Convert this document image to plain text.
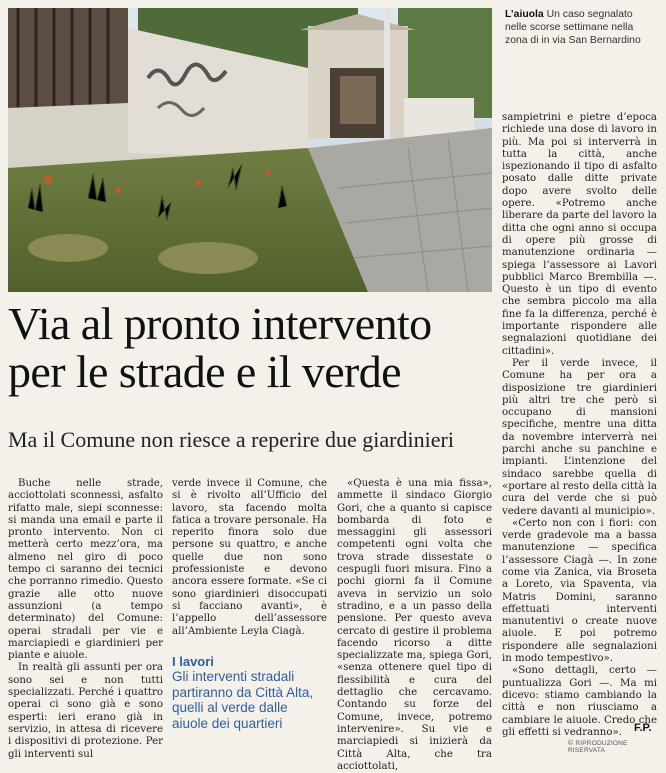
L’aiuola Un caso segnalato nelle scorse settimane nella zona di in via San Bernardino
Via al pronto intervento per le strade e il verde
Ma il Comune non riesce a reperire due giardinieri

Buche nelle strade, acciottolati sconnessi, asfalto rifatto male, siepi sconnesse: si manda una email e parte il pronto intervento. Non ci metterà certo mezz’ora, ma almeno nel giro di poco tempo ci saranno dei tecnici che porranno rimedio. Questo grazie alle otto nuove assunzioni (a tempo determinato) del Comune: operai stradali per vie e marciapiedi e giardinieri per piante e aiuole.

In realtà gli assunti per ora sono sei e non tutti specializzati. Perché i quattro operai ci sono già e sono esperti: ieri erano già in servizio, in attesa di ricevere i dispositivi di protezione. Per gli interventi sul

verde invece il Comune, che si è rivolto all’Ufficio del lavoro, sta facendo molta fatica a trovare personale. Ha reperito finora solo due persone su quattro, e anche quelle due non sono professioniste e devono ancora essere formate. «Se ci sono giardinieri disoccupati si facciano avanti», è l’appello dell’assessore all’Ambiente Leyla Ciagà.

I lavori
Gli interventi stradali partiranno da Città Alta, quelli al verde dalle aiuole dei quartieri

«Questa è una mia fissa», ammette il sindaco Giorgio Gori, che a quanto si capisce bombarda di foto e messaggini gli assessori competenti ogni volta che trova strade dissestate o cespugli fuori misura. Fino a pochi giorni fa il Comune aveva in servizio un solo stradino, e a un passo della pensione. Per questo aveva cercato di gestire il problema facendo ricorso a ditte specializzate ma, spiega Gori, «senza ottenere quel tipo di flessibilità e cura del dettaglio che cercavamo. Contando su forze del Comune, invece, potremo intervenire». Su vie e marciapiedi si inizierà da Città Alta, che tra acciottolati,

sampietrini e pietre d’epoca richiede una dose di lavoro in più. Ma poi si interverrà in tutta la città, anche ispezionando il tipo di asfalto posato dalle ditte private dopo avere svolto delle opere. «Potremo anche liberare da parte del lavoro la ditta che ogni anno si occupa di opere più grosse di manutenzione ordinaria — spiega l’assessore ai Lavori pubblici Marco Brembilla —. Questo è un tipo di evento che sembra piccolo ma alla fine fa la differenza, perché è importante rispondere alle segnalazioni quotidiane dei cittadini».

Per il verde invece, il Comune ha per ora a disposizione tre giardinieri più altri tre che però si occupano di mansioni specifiche, mentre una ditta da novembre interverrà nei parchi anche su panchine e impianti. L’intenzione del sindaco sarebbe quella di «portare al resto della città la cura del verde che si può vedere davanti al municipio».

«Certo non con i fiori: con verde gradevole ma a bassa manutenzione — specifica l’assessore Ciagà —. In zone come via Zanica, via Broseta a Loreto, via Spaventa, via Matris Domini, saranno effettuati interventi manutentivi o create nuove aiuole. E poi potremo rispondere alle segnalazioni in modo tempestivo».

«Sono dettagli, certo — puntualizza Gori —. Ma mi dicevo: stiamo cambiando la città e non riusciamo a cambiare le aiuole. Credo che gli effetti si vedranno».	F.P.
© RIPRODUZIONE RISERVATA
